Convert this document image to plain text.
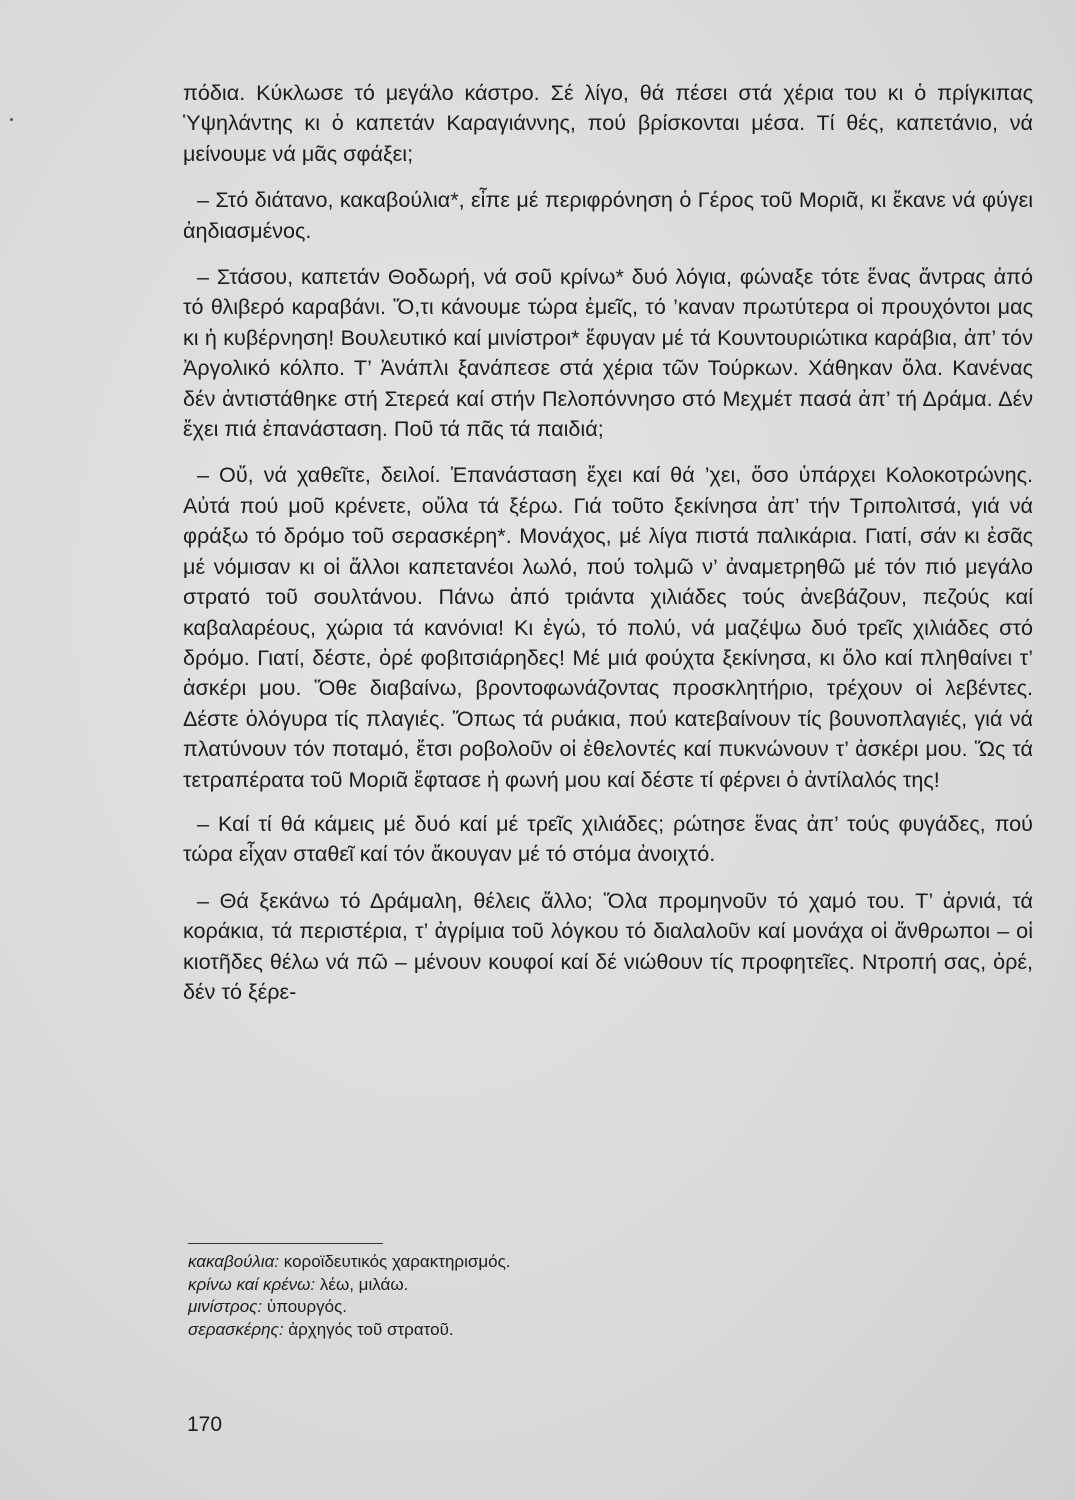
πόδια. Κύκλωσε τό μεγάλο κάστρο. Σέ λίγο, θά πέσει στά χέρια του κι ὁ πρίγκιπας Ὑψηλάντης κι ὁ καπετάν Καραγιάννης, πού βρίσκονται μέσα. Τί θές, καπετάνιο, νά μείνουμε νά μᾶς σφάξει;

– Στό διάτανο, κακαβούλια*, εἶπε μέ περιφρόνηση ὁ Γέρος τοῦ Μοριᾶ, κι ἔκανε νά φύγει ἀηδιασμένος.

– Στάσου, καπετάν Θοδωρή, νά σοῦ κρίνω* δυό λόγια, φώναξε τότε ἕνας ἄντρας ἀπό τό θλιβερό καραβάνι. Ὅ,τι κάνουμε τώρα ἐμεῖς, τό ’καναν πρωτύτερα οἱ προυχόντοι μας κι ἡ κυβέρνηση! Βουλευτικό καί μινίστροι* ἔφυγαν μέ τά Κουντουριώτικα καράβια, ἀπ’ τόν Ἀργολικό κόλπο. Τ’ Ἀνάπλι ξανάπεσε στά χέρια τῶν Τούρκων. Χάθηκαν ὅλα. Κανένας δέν ἀντιστάθηκε στή Στερεά καί στήν Πελοπόννησο στό Μεχμέτ πασά ἀπ’ τή Δράμα. Δέν ἔχει πιά ἐπανάσταση. Ποῦ τά πᾶς τά παιδιά;

– Οὔ, νά χαθεῖτε, δειλοί. Ἐπανάσταση ἔχει καί θά ’χει, ὅσο ὑπάρχει Κολοκοτρώνης. Αὐτά πού μοῦ κρένετε, οὔλα τά ξέρω. Γιά τοῦτο ξεκίνησα ἀπ’ τήν Τριπολιτσά, γιά νά φράξω τό δρόμο τοῦ σερασκέρη*. Μονάχος, μέ λίγα πιστά παλικάρια. Γιατί, σάν κι ἐσᾶς μέ νόμισαν κι οἱ ἄλλοι καπετανέοι λωλό, πού τολμῶ ν’ ἀναμετρηθῶ μέ τόν πιό μεγάλο στρατό τοῦ σουλτάνου. Πάνω ἀπό τριάντα χιλιάδες τούς ἀνεβάζουν, πεζούς καί καβαλαρέους, χώρια τά κανόνια! Κι ἐγώ, τό πολύ, νά μαζέψω δυό τρεῖς χιλιάδες στό δρόμο. Γιατί, δέστε, ὀρέ φοβιτσιάρηδες! Μέ μιά φούχτα ξεκίνησα, κι ὅλο καί πληθαίνει τ’ ἀσκέρι μου. Ὅθε διαβαίνω, βροντοφωνάζοντας προσκλητήριο, τρέχουν οἱ λεβέντες. Δέστε ὁλόγυρα τίς πλαγιές. Ὅπως τά ρυάκια, πού κατεβαίνουν τίς βουνοπλαγιές, γιά νά πλατύνουν τόν ποταμό, ἔτσι ροβολοῦν οἱ ἐθελοντές καί πυκνώνουν τ’ ἀσκέρι μου. Ὥς τά τετραπέρατα τοῦ Μοριᾶ ἔφτασε ἡ φωνή μου καί δέστε τί φέρνει ὁ ἀντίλαλός της!

– Καί τί θά κάμεις μέ δυό καί μέ τρεῖς χιλιάδες; ρώτησε ἕνας ἀπ’ τούς φυγάδες, πού τώρα εἶχαν σταθεῖ καί τόν ἄκουγαν μέ τό στόμα ἀνοιχτό.

– Θά ξεκάνω τό Δράμαλη, θέλεις ἄλλο; Ὅλα προμηνοῦν τό χαμό του. Τ’ ἀρνιά, τά κοράκια, τά περιστέρια, τ’ ἀγρίμια τοῦ λόγκου τό διαλαλοῦν καί μονάχα οἱ ἄνθρωποι – οἱ κιοτῆδες θέλω νά πῶ – μένουν κουφοί καί δέ νιώθουν τίς προφητεῖες. Ντροπή σας, ὀρέ, δέν τό ξέρε-

κακαβούλια: κοροϊδευτικός χαρακτηρισμός.
κρίνω καί κρένω: λέω, μιλάω.
μινίστρος: ὑπουργός.
σερασκέρης: ἀρχηγός τοῦ στρατοῦ.
170
